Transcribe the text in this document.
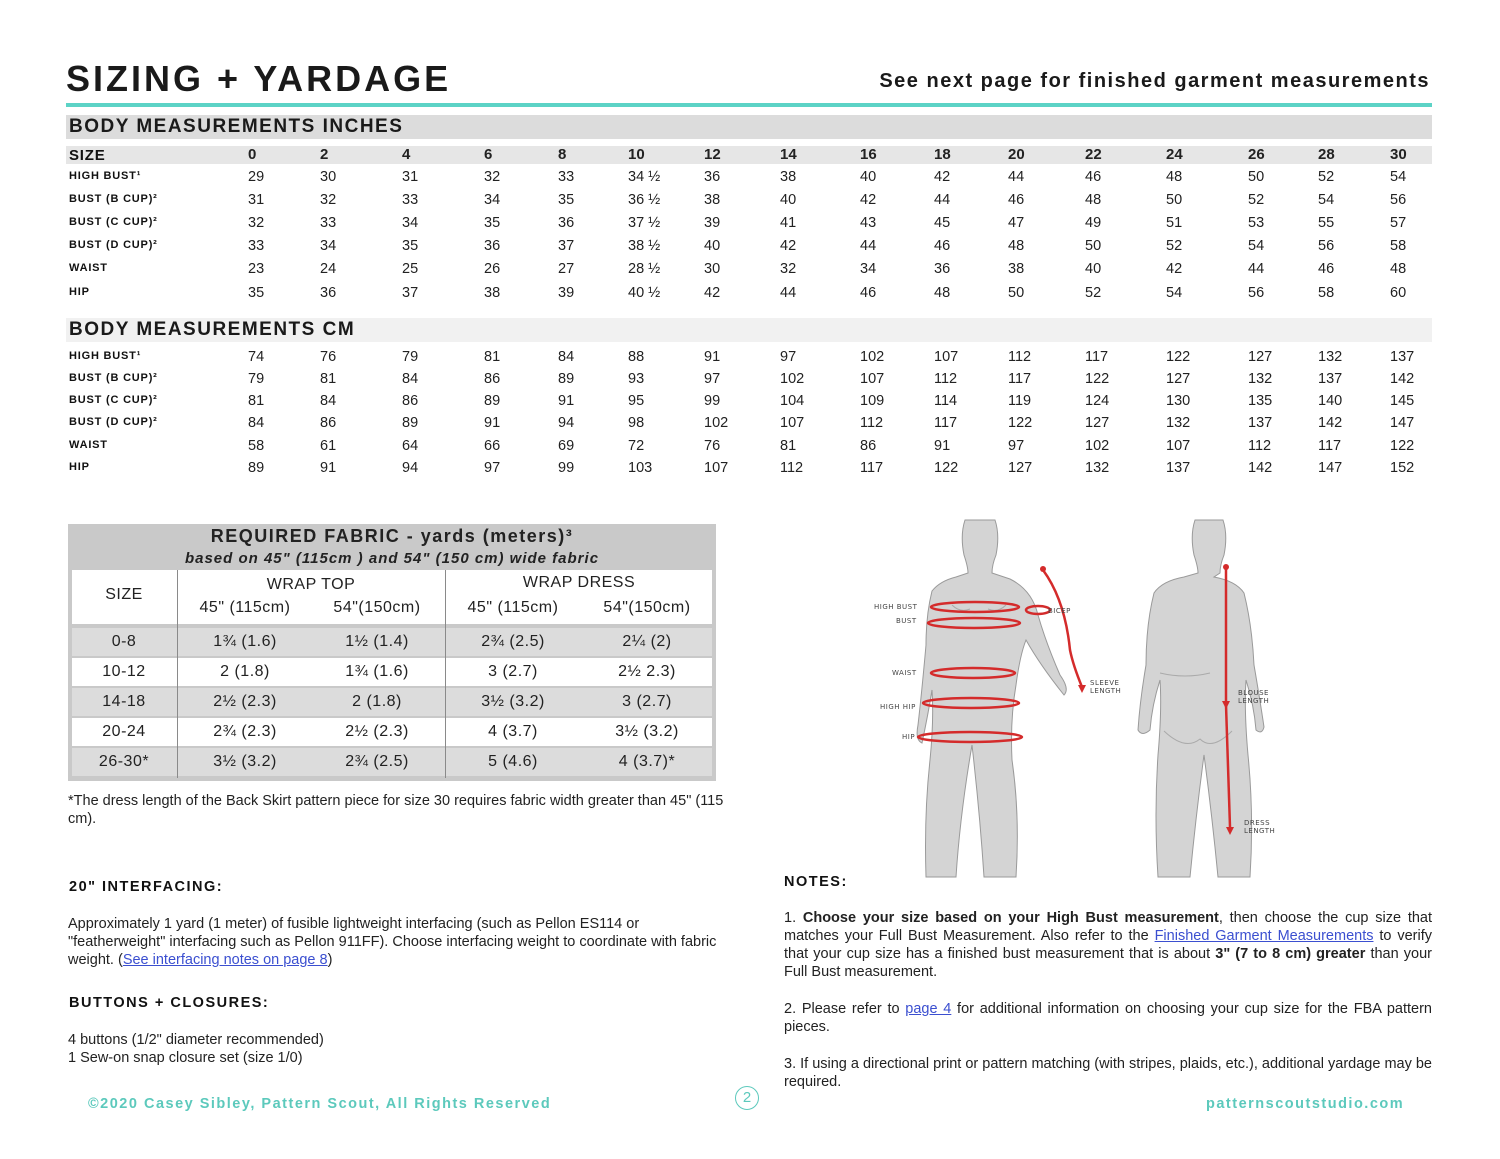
SIZING + YARDAGE	See next page for finished garment measurements
BODY MEASUREMENTS INCHES
SIZE	0	2	4	6	8	10	12	14	16	18	20	22	24	26	28	30
HIGH BUST¹	29	30	31	32	33	34 ½	36	38	40	42	44	46	48	50	52	54
BUST (B CUP)²	31	32	33	34	35	36 ½	38	40	42	44	46	48	50	52	54	56
BUST (C CUP)²	32	33	34	35	36	37 ½	39	41	43	45	47	49	51	53	55	57
BUST (D CUP)²	33	34	35	36	37	38 ½	40	42	44	46	48	50	52	54	56	58
WAIST	23	24	25	26	27	28 ½	30	32	34	36	38	40	42	44	46	48
HIP	35	36	37	38	39	40 ½	42	44	46	48	50	52	54	56	58	60
BODY MEASUREMENTS CM
HIGH BUST¹	74	76	79	81	84	88	91	97	102	107	112	117	122	127	132	137
BUST (B CUP)²	79	81	84	86	89	93	97	102	107	112	117	122	127	132	137	142
BUST (C CUP)²	81	84	86	89	91	95	99	104	109	114	119	124	130	135	140	145
BUST (D CUP)²	84	86	89	91	94	98	102	107	112	117	122	127	132	137	142	147
WAIST	58	61	64	66	69	72	76	81	86	91	97	102	107	112	117	122
HIP	89	91	94	97	99	103	107	112	117	122	127	132	137	142	147	152
REQUIRED FABRIC - yards (meters)³
based on 45" (115cm ) and 54" (150 cm) wide fabric
SIZE
WRAP TOP	WRAP DRESS
45" (115cm)	54"(150cm)	45" (115cm)	54"(150cm)
0-8	1¾ (1.6)	1½ (1.4)	2¾ (2.5)	2¼ (2)
10-12	2 (1.8)	1¾ (1.6)	3 (2.7)	2½ 2.3)
14-18	2½ (2.3)	2 (1.8)	3½ (3.2)	3 (2.7)
20-24	2¾ (2.3)	2½ (2.3)	4 (3.7)	3½ (3.2)
26-30*	3½ (3.2)	2¾ (2.5)	5 (4.6)	4 (3.7)*
*The dress length of the Back Skirt pattern piece for size 30 requires fabric width greater than 45" (115 cm).
20" INTERFACING:
Approximately 1 yard (1 meter) of fusible lightweight interfacing (such as Pellon ES114 or "featherweight" interfacing such as Pellon 911FF). Choose interfacing weight to coordinate with fabric weight. (See interfacing notes on page 8)
BUTTONS + CLOSURES:
4 buttons (1/2" diameter recommended)
1 Sew-on snap closure set (size 1/0)
HIGH BUST
BUST
WAIST
HIGH HIP
HIP
BICEP
SLEEVE
LENGTH	BLOUSE
LENGTH
DRESS
LENGTH
NOTES:
1. Choose your size based on your High Bust measurement, then choose the cup size that matches your Full Bust Measurement. Also refer to the Finished Garment Measurements to verify that your cup size has a finished bust measurement that is about 3" (7 to 8 cm) greater than your Full Bust measurement.
2. Please refer to page 4 for additional information on choosing your cup size for the FBA pattern pieces.
3. If using a directional print or pattern matching (with stripes, plaids, etc.), additional yardage may be required.
©2020 Casey Sibley, Pattern Scout, All Rights Reserved	2	patternscoutstudio.com
